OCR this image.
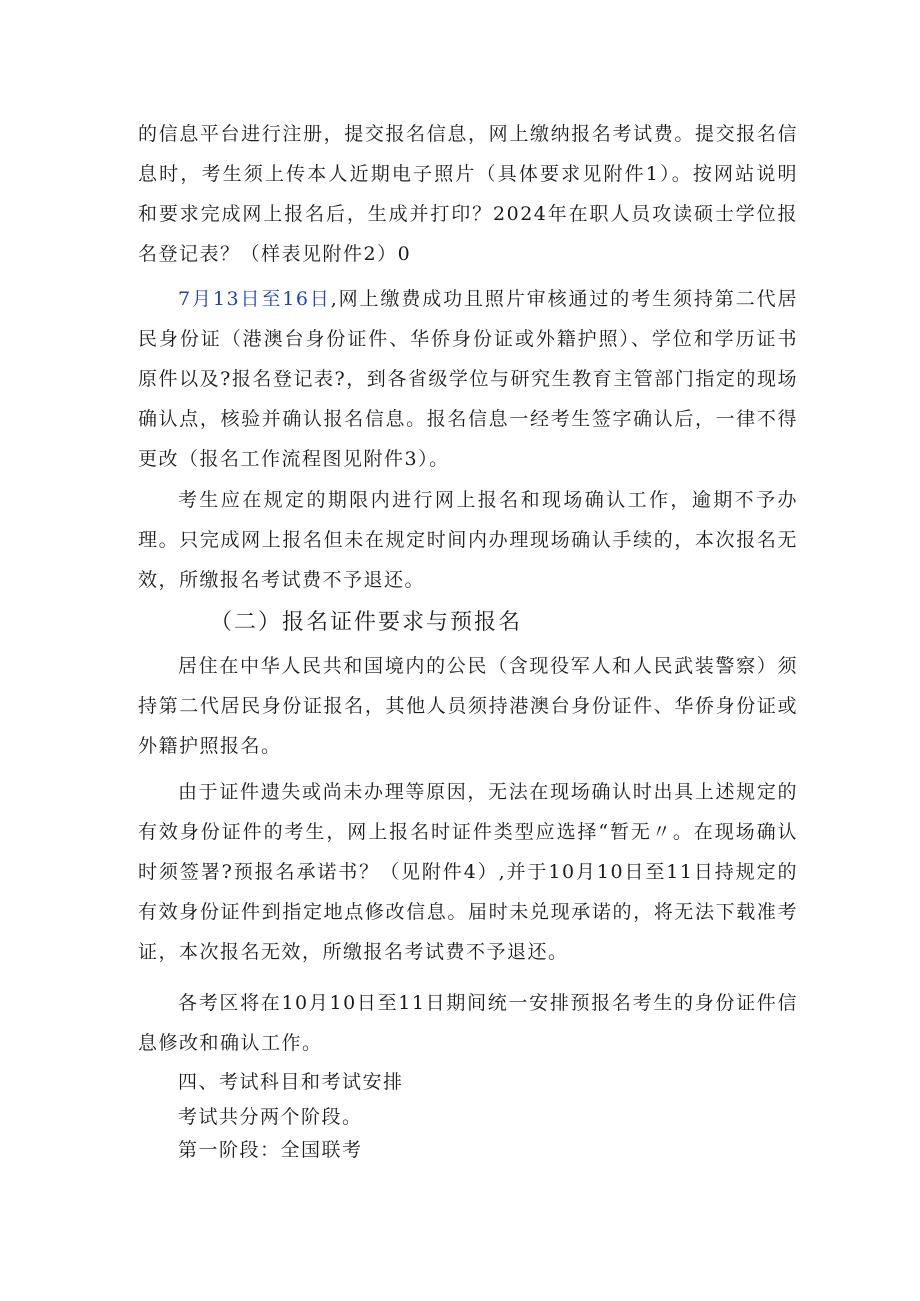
的信息平台进行注册，提交报名信息，网上缴纳报名考试费。提交报名信息时，考生须上传本人近期电子照片（具体要求见附件1）。按网站说明和要求完成网上报名后，生成并打印？2024年在职人员攻读硕士学位报名登记表？（样表见附件2）0

7月13日至16日,网上缴费成功且照片审核通过的考生须持第二代居民身份证（港澳台身份证件、华侨身份证或外籍护照）、学位和学历证书原件以及?报名登记表?，到各省级学位与研究生教育主管部门指定的现场确认点，核验并确认报名信息。报名信息一经考生签字确认后，一律不得更改（报名工作流程图见附件3）。

考生应在规定的期限内进行网上报名和现场确认工作，逾期不予办理。只完成网上报名但未在规定时间内办理现场确认手续的，本次报名无效，所缴报名考试费不予退还。

（二）报名证件要求与预报名

居住在中华人民共和国境内的公民（含现役军人和人民武装警察）须持第二代居民身份证报名，其他人员须持港澳台身份证件、华侨身份证或外籍护照报名。

由于证件遗失或尚未办理等原因，无法在现场确认时出具上述规定的有效身份证件的考生，网上报名时证件类型应选择“暂无〃。在现场确认时须签署?预报名承诺书？（见附件4）,并于10月10日至11日持规定的有效身份证件到指定地点修改信息。届时未兑现承诺的，将无法下载准考证，本次报名无效，所缴报名考试费不予退还。

各考区将在10月10日至11日期间统一安排预报名考生的身份证件信息修改和确认工作。

四、考试科目和考试安排

考试共分两个阶段。

第一阶段：全国联考
